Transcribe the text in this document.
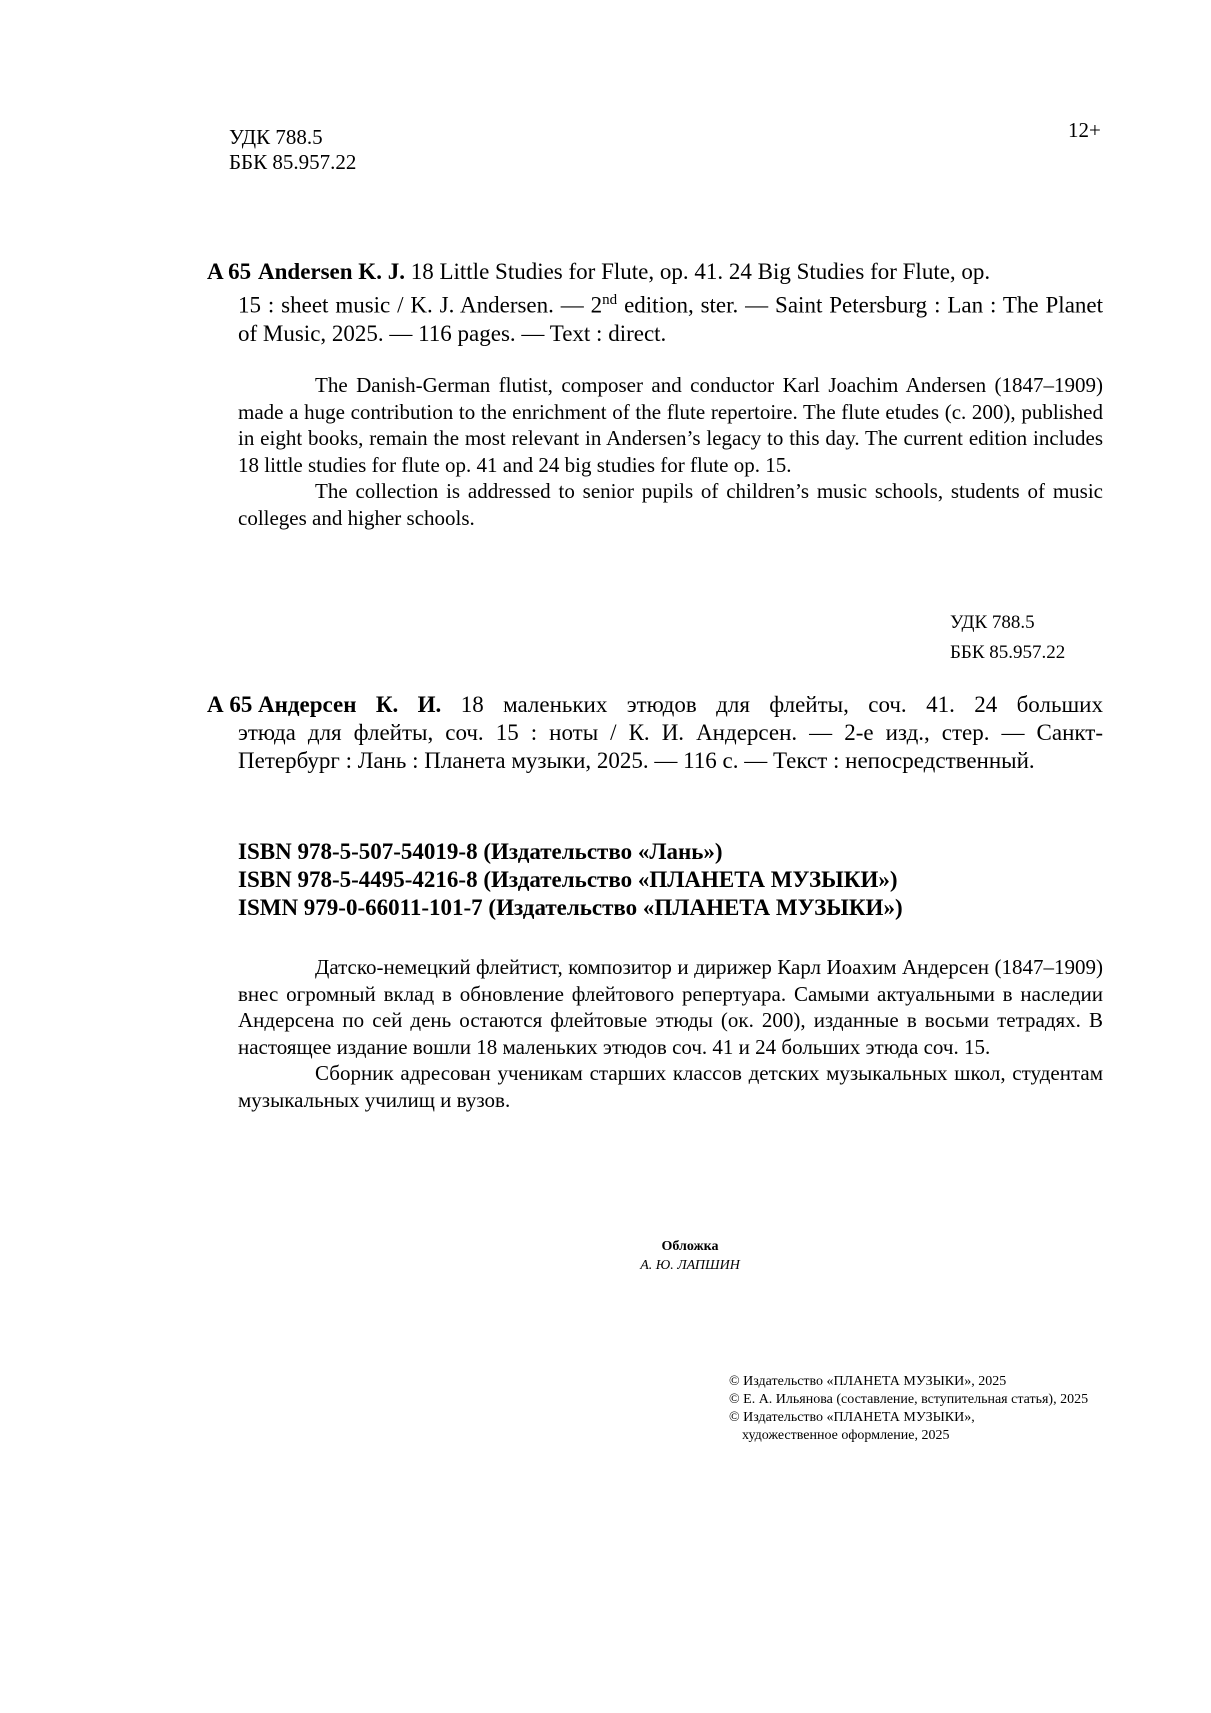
УДК 788.5
ББК 85.957.22
12+
A 65 Andersen K. J. 18 Little Studies for Flute, op. 41. 24 Big Studies for Flute, op.
15 : sheet music / K. J. Andersen. — 2nd edition, ster. — Saint Petersburg : Lan : The Planet of Music, 2025. — 116 pages. — Text : direct.

The Danish-German flutist, composer and conductor Karl Joachim Andersen (1847–1909) made a huge contribution to the enrichment of the flute repertoire. The flute etudes (c. 200), published in eight books, remain the most relevant in Andersen’s legacy to this day. The current edition includes 18 little studies for flute op. 41 and 24 big studies for flute op. 15.

The collection is addressed to senior pupils of children’s music schools, students of music colleges and higher schools.

УДК 788.5
ББК 85.957.22
А 65 Андерсен К. И. 18 маленьких этюдов для флейты, соч. 41. 24 больших
этюда для флейты, соч. 15 : ноты / К. И. Андерсен. — 2-е изд., стер. — Санкт-Петербург : Лань : Планета музыки, 2025. — 116 с. — Текст : непосредственный.
ISBN 978-5-507-54019-8 (Издательство «Лань»)
ISBN 978-5-4495-4216-8 (Издательство «ПЛАНЕТА МУЗЫКИ»)
ISMN 979-0-66011-101-7 (Издательство «ПЛАНЕТА МУЗЫКИ»)

Датско-немецкий флейтист, композитор и дирижер Карл Иоахим Андерсен (1847–1909) внес огромный вклад в обновление флейтового репертуара. Самыми актуальными в наследии Андерсена по сей день остаются флейтовые этюды (ок. 200), изданные в восьми тетрадях. В настоящее издание вошли 18 маленьких этюдов соч. 41 и 24 больших этюда соч. 15.

Сборник адресован ученикам старших классов детских музыкальных школ, студентам музыкальных училищ и вузов.

Обложка
А. Ю. ЛАПШИН

© Издательство «ПЛАНЕТА МУЗЫКИ», 2025

© Е. А. Ильянова (составление, вступительная статья), 2025

© Издательство «ПЛАНЕТА МУЗЫКИ»,

художественное оформление, 2025
